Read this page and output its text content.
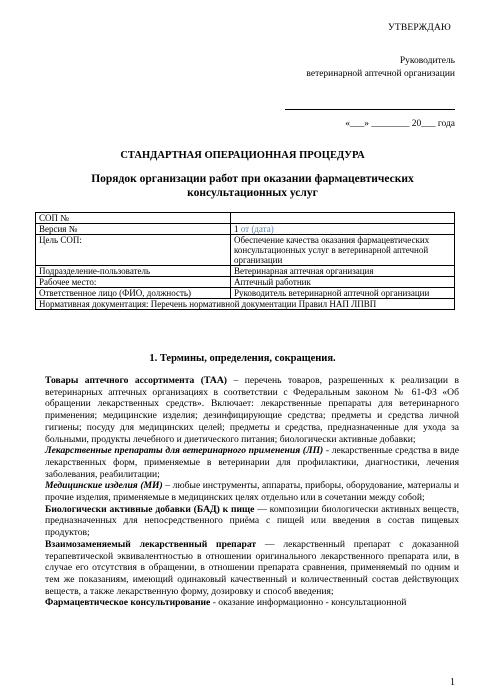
УТВЕРЖДАЮ
Руководитель
ветеринарной аптечной организации
«___» ________ 20___ года
СТАНДАРТНАЯ ОПЕРАЦИОННАЯ ПРОЦЕДУРА
Порядок организации работ при оказании фармацевтических консультационных услуг
СОП №	
Версия №	1 от (дата)
Цель СОП:	Обеспечение качества оказания фармацевтических консультационных услуг в ветеринарной аптечной организации
Подразделение-пользователь	Ветеринарная аптечная организация
Рабочее место:	Аптечный работник
Ответственное лицо (ФИО, должность)	Руководитель ветеринарной аптечной организации
Нормативная документация: Перечень нормативной документации Правил НАП ЛПВП	
1. Термины, определения, сокращения.

Товары аптечного ассортимента (ТАА) – перечень товаров, разрешенных к реализации в ветеринарных аптечных организациях в соответствии с Федеральным законом № 61-ФЗ «Об обращении лекарственных средств». Включает: лекарственные препараты для ветеринарного применения; медицинские изделия; дезинфицирующие средства; предметы и средства личной гигиены; посуду для медицинских целей; предметы и средства, предназначенные для ухода за больными, продукты лечебного и диетического питания; биологически активные добавки;

Лекарственные препараты для ветеринарного применения (ЛП) - лекарственные средства в виде лекарственных форм, применяемые в ветеринарии для профилактики, диагностики, лечения заболевания, реабилитации;

Медицинские изделия (МИ) – любые инструменты, аппараты, приборы, оборудование, материалы и прочие изделия, применяемые в медицинских целях отдельно или в сочетании между собой;

Биологически активные добавки (БАД) к пище — композиции биологически активных веществ, предназначенных для непосредственного приёма с пищей или введения в состав пищевых продуктов;

Взаимозаменяемый лекарственный препарат — лекарственный препарат с доказанной терапевтической эквивалентностью в отношении оригинального лекарственного препарата или, в случае его отсутствия в обращении, в отношении препарата сравнения, применяемый по одним и тем же показаниям, имеющий одинаковый качественный и количественный состав действующих веществ, а также лекарственную форму, дозировку и способ введения;

Фармацевтическое консультирование - оказание информационно - консультационной

1
